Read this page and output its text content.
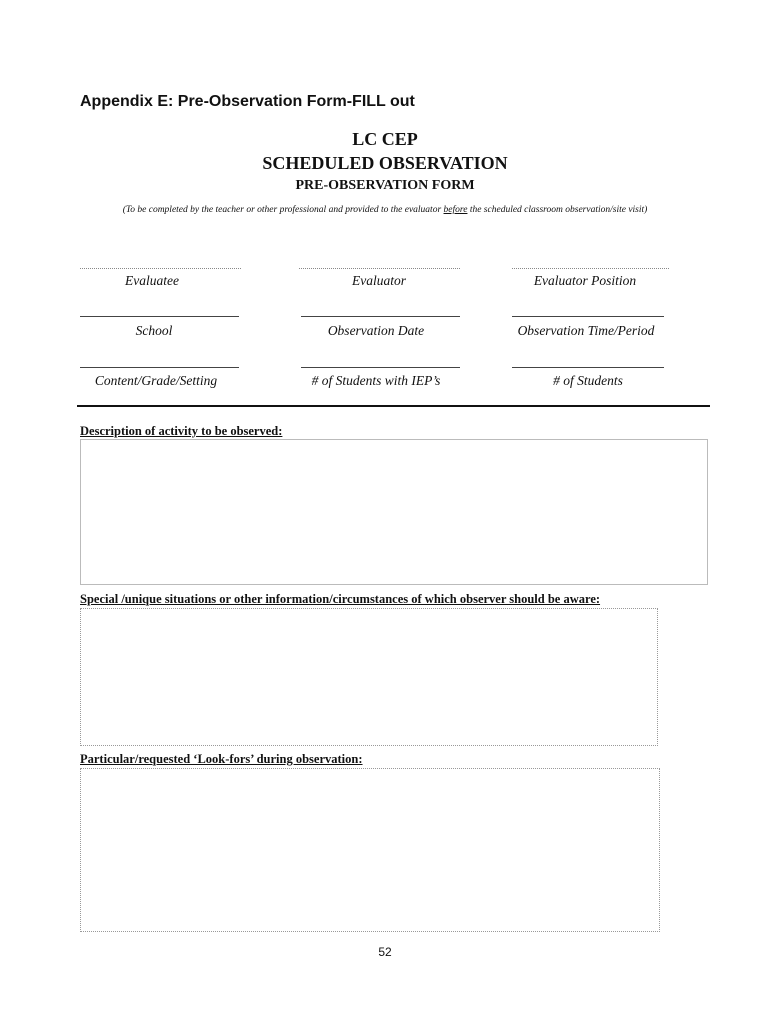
Appendix E: Pre-Observation Form-FILL out
LC CEP
SCHEDULED OBSERVATION
PRE-OBSERVATION FORM
(To be completed by the teacher or other professional and provided to the evaluator before the scheduled classroom observation/site visit)
Evaluatee	Evaluator	Evaluator Position
School	Observation Date	Observation Time/Period
Content/Grade/Setting	# of Students with IEP’s	# of Students
Description of activity to be observed:
Special /unique situations or other information/circumstances of which observer should be aware:
Particular/requested ‘Look-fors’ during observation:
52
